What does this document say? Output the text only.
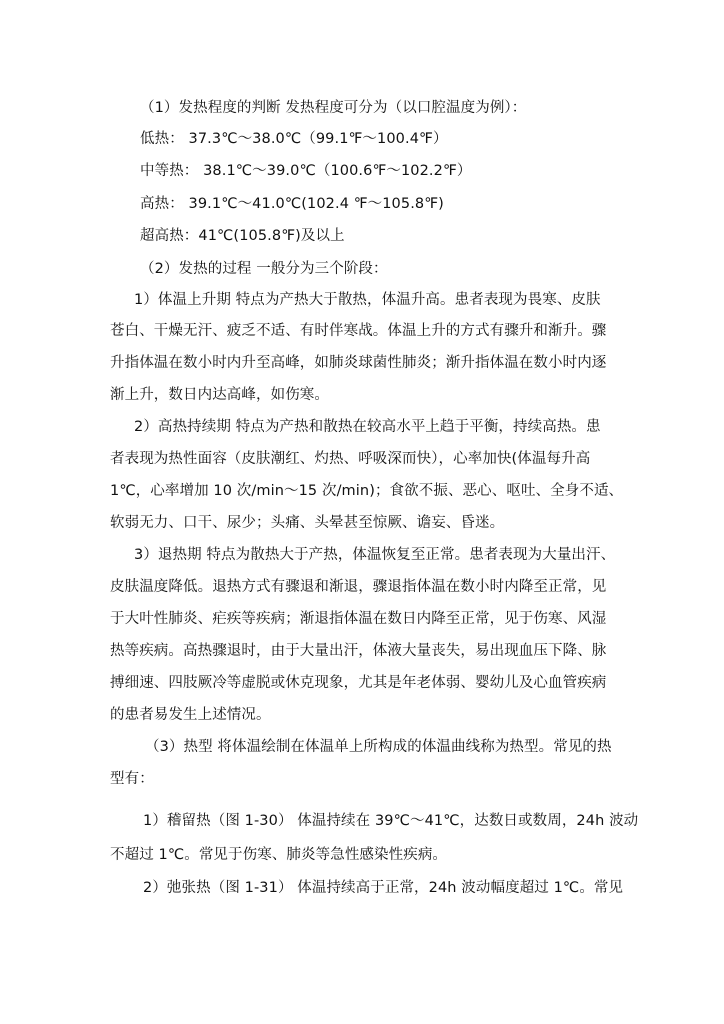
（1）发热程度的判断 发热程度可分为（以口腔温度为例）：
低热： 37.3℃～38.0℃（99.1℉～100.4℉）
中等热： 38.1℃～39.0℃（100.6℉～102.2℉）
高热： 39.1℃～41.0℃(102.4 ℉～105.8℉)
超高热：41℃(105.8℉)及以上
（2）发热的过程 一般分为三个阶段：
1）体温上升期 特点为产热大于散热，体温升高。患者表现为畏寒、皮肤
苍白、干燥无汗、疲乏不适、有时伴寒战。体温上升的方式有骤升和渐升。骤
升指体温在数小时内升至高峰，如肺炎球菌性肺炎；渐升指体温在数小时内逐
渐上升，数日内达高峰，如伤寒。
2）高热持续期 特点为产热和散热在较高水平上趋于平衡，持续高热。患
者表现为热性面容（皮肤潮红、灼热、呼吸深而快），心率加快(体温每升高
1℃，心率增加 10 次/min～15 次/min)；食欲不振、恶心、呕吐、全身不适、
软弱无力、口干、尿少；头痛、头晕甚至惊厥、谵妄、昏迷。
3）退热期 特点为散热大于产热，体温恢复至正常。患者表现为大量出汗、
皮肤温度降低。退热方式有骤退和渐退，骤退指体温在数小时内降至正常，见
于大叶性肺炎、疟疾等疾病；渐退指体温在数日内降至正常，见于伤寒、风湿
热等疾病。高热骤退时，由于大量出汗，体液大量丧失，易出现血压下降、脉
搏细速、四肢厥冷等虚脱或休克现象，尤其是年老体弱、婴幼儿及心血管疾病
的患者易发生上述情况。
（3）热型 将体温绘制在体温单上所构成的体温曲线称为热型。常见的热
型有：
1）稽留热（图 1-30） 体温持续在 39℃～41℃，达数日或数周，24h 波动
不超过 1℃。常见于伤寒、肺炎等急性感染性疾病。
2）弛张热（图 1-31） 体温持续高于正常，24h 波动幅度超过 1℃。常见
